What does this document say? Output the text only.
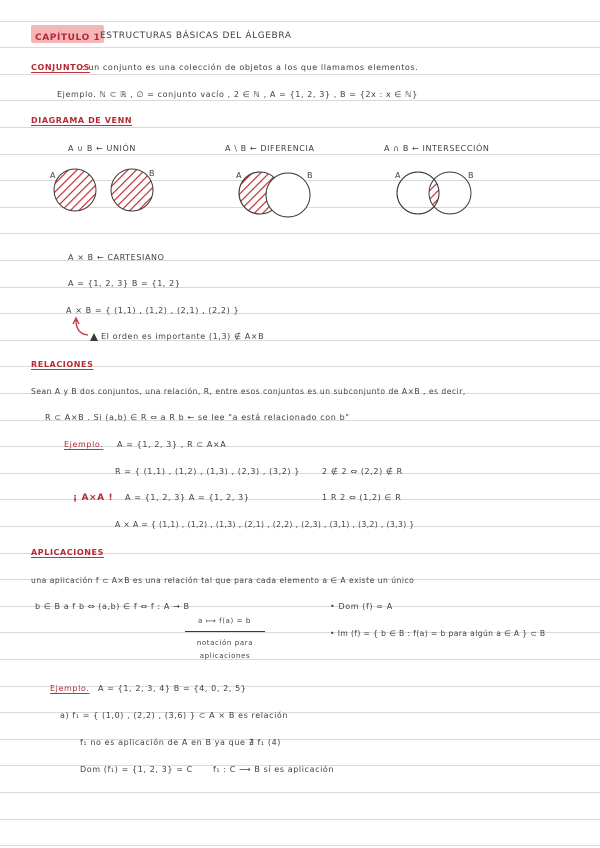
CAPÍTULO 1 ESTRUCTURAS BÁSICAS DEL ÁLGEBRA
CONJUNTOS
: un conjunto es una colección de objetos a los que llamamos elementos.
Ejemplo. ℕ ⊂ ℝ , ∅ = conjunto vacío , 2 ∈ ℕ , A = {1, 2, 3} , B = {2x : x ∈ ℕ}
DIAGRAMA DE VENN
A ∪ B ← UNIÓN	A \ B ← DIFERENCIA	A ∩ B ← INTERSECCIÓN
A	B	A	B	A	B
A × B ← CARTESIANO
A = {1, 2, 3} B = {1, 2}
A × B = { (1,1) , (1,2) , (2,1) , (2,2) }
El orden es importante (1,3) ∉ A×B
RELACIONES
Sean A y B dos conjuntos, una relación, R, entre esos conjuntos es un subconjunto de A×B , es decir,
R ⊂ A×B . Si (a,b) ∈ R ⇔ a R b ← se lee "a está relacionado con b"
Ejemplo. A = {1, 2, 3} , R ⊂ A×A
R = { (1,1) , (1,2) , (1,3) , (2,3) , (3,2) }	2 ∉ 2 ⇔ (2,2) ∉ R
¡ A×A ! A = {1, 2, 3} A = {1, 2, 3}	1 R 2 ⇔ (1,2) ∈ R
A × A = { (1,1) , (1,2) , (1,3) , (2,1) , (2,2) , (2,3) , (3,1) , (3,2) , (3,3) }
APLICACIONES
una aplicación f ⊂ A×B es una relación tal que para cada elemento a ∈ A existe un único
b ∈ B a f b ⇔ (a,b) ∈ f ⇔ f : A → B
a ⟼ f(a) = b
notación para aplicaciones
• Dom (f) = A
• Im (f) = { b ∈ B : f(a) = b para algún a ∈ A } ⊂ B
Ejemplo. A = {1, 2, 3, 4} B = {4, 0, 2, 5}
a) f₁ = { (1,0) , (2,2) , (3,6) } ⊂ A × B es relación
f₁ no es aplicación de A en B ya que ∄ f₁ (4)
Dom (f₁) = {1, 2, 3} = C	f₁ : C ⟶ B sí es aplicación
